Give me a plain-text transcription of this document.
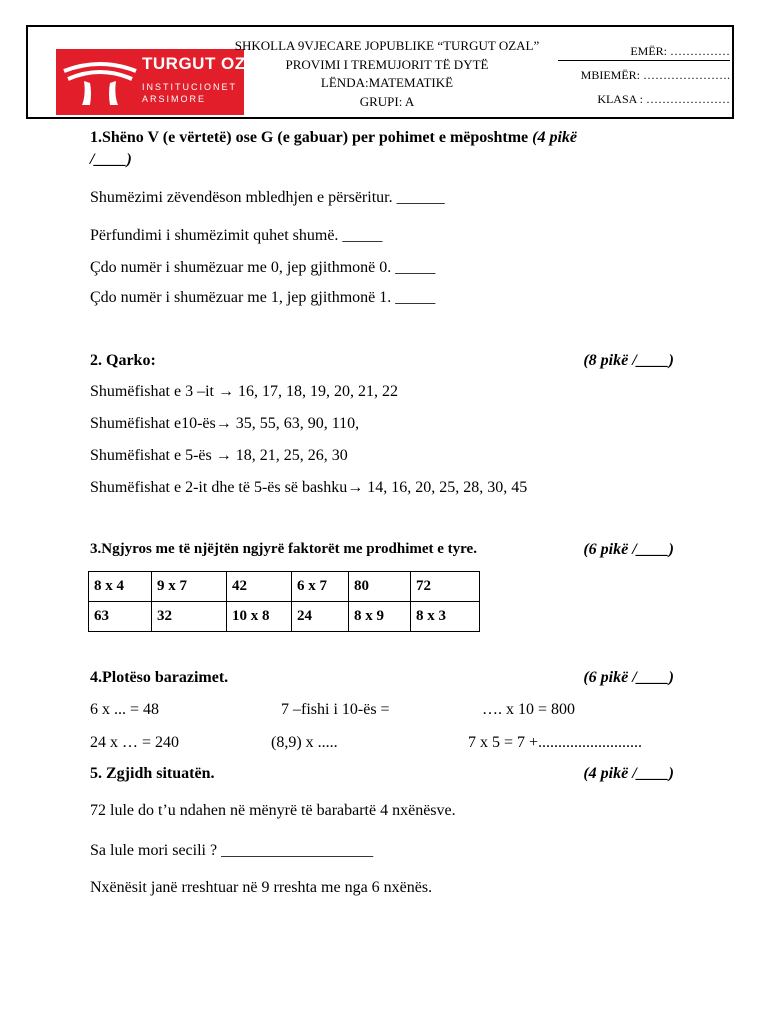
TURGUT OZAL
INSTITUCIONET ARSIMORE
SHKOLLA 9VJECARE JOPUBLIKE “TURGUT OZAL”
PROVIMI I TREMUJORIT TË DYTË
LËNDA:MATEMATIKË
GRUPI: A
EMËR: ……………
MBIEMËR: ………………….
KLASA : …………………
1.Shëno V (e vërtetë) ose G (e gabuar) per pohimet e mëposhtme (4 pikë
/____)
Shumëzimi zëvendëson mbledhjen e përsëritur. ______
Përfundimi i shumëzimit quhet shumë. _____
Çdo numër i shumëzuar me 0, jep gjithmonë 0. _____
Çdo numër i shumëzuar me 1, jep gjithmonë 1. _____
2. Qarko:	(8 pikë /____)
Shumëfishat e 3 –it → 16, 17, 18, 19, 20, 21, 22
Shumëfishat e10-ës→ 35, 55, 63, 90, 110,
Shumëfishat e 5-ës → 18, 21, 25, 26, 30
Shumëfishat e 2-it dhe të 5-ës së bashku→ 14, 16, 20, 25, 28, 30, 45
3.Ngjyros me të njëjtën ngjyrë faktorët me prodhimet e tyre.	(6 pikë /____)
8 x 4	9 x 7	42	6 x 7	80	72
63	32	10 x 8	24	8 x 9	8 x 3
4.Plotëso barazimet.	(6 pikë /____)
6 x ... = 48	7 –fishi i 10-ës =	…. x 10 = 800
24 x … = 240	(8,9) x .....	7 x 5 = 7 +..........................
5. Zgjidh situatën.	(4 pikë /____)
72 lule do t’u ndahen në mënyrë të barabartë 4 nxënësve.
Sa lule mori secili ? ___________________
Nxënësit janë rreshtuar në 9 rreshta me nga 6 nxënës.
